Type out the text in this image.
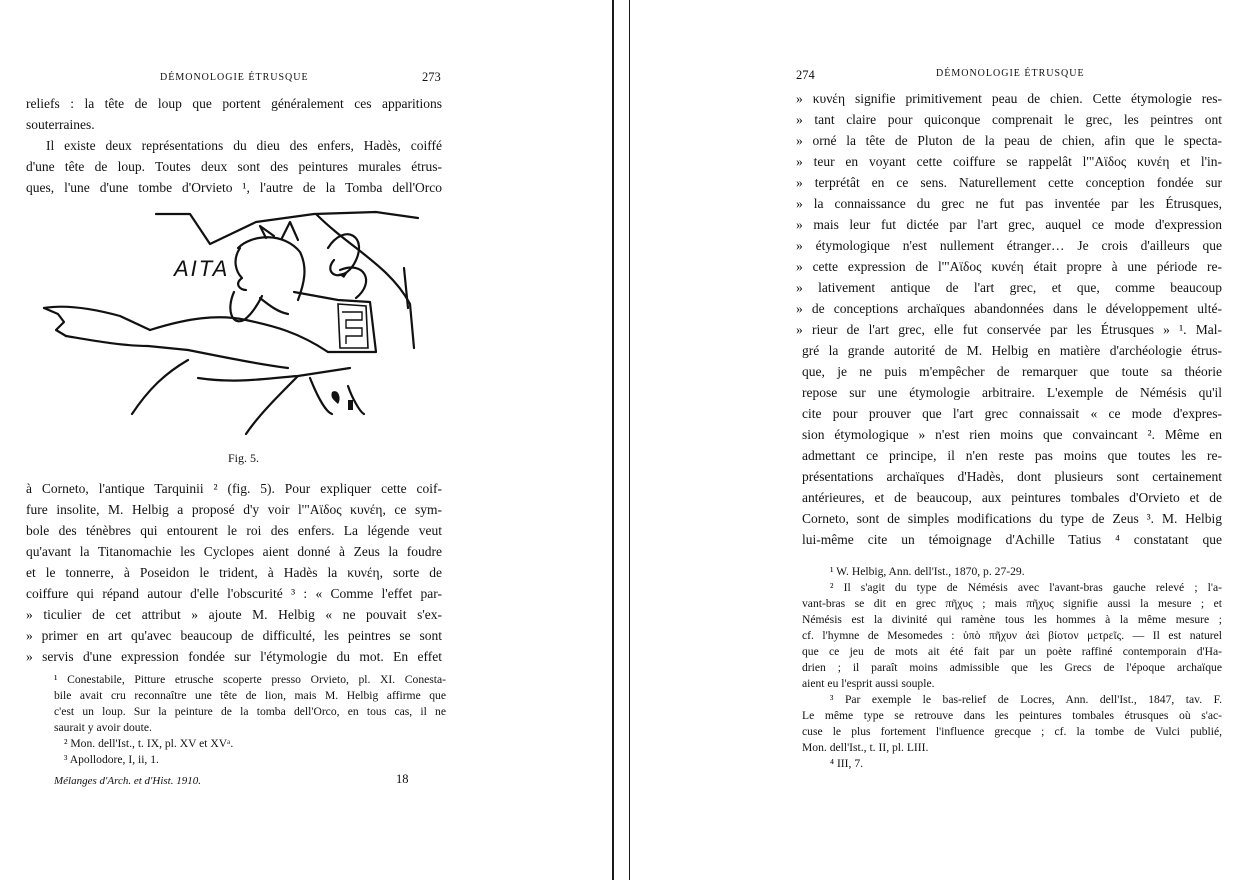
DÉMONOLOGIE ÉTRUSQUE	273
reliefs : la tête de loup que portent généralement ces apparitions
souterraines.
Il existe deux représentations du dieu des enfers, Hadès, coiffé
d'une tête de loup. Toutes deux sont des peintures murales étrus-
ques, l'une d'une tombe d'Orvieto ¹, l'autre de la Tomba dell'Orco
à Corneto, l'antique Tarquinii ² (fig. 5). Pour expliquer cette coif-
fure insolite, M. Helbig a proposé d'y voir l'"Αϊδος κυνέη, ce sym-
bole des ténèbres qui entourent le roi des enfers. La légende veut
qu'avant la Titanomachie les Cyclopes aient donné à Zeus la foudre
et le tonnerre, à Poseidon le trident, à Hadès la κυνέη, sorte de
coiffure qui répand autour d'elle l'obscurité ³ : « Comme l'effet par-
» ticulier de cet attribut » ajoute M. Helbig « ne pouvait s'ex-
» primer en art qu'avec beaucoup de difficulté, les peintres se sont
» servis d'une expression fondée sur l'étymologie du mot. En effet
ΑΙΤΑ
Fig. 5.
¹ Conestabile, Pitture etrusche scoperte presso Orvieto, pl. XI. Conesta-
bile avait cru reconnaître une tête de lion, mais M. Helbig affirme que
c'est un loup. Sur la peinture de la tomba dell'Orco, en tous cas, il ne
saurait y avoir doute.
² Mon. dell'Ist., t. IX, pl. XV et XVᵃ.
³ Apollodore, I, ii, 1.
Mélanges d'Arch. et d'Hist. 1910.	18
274	DÉMONOLOGIE ÉTRUSQUE
» κυνέη signifie primitivement peau de chien. Cette étymologie res-
» tant claire pour quiconque comprenait le grec, les peintres ont
» orné la tête de Pluton de la peau de chien, afin que le specta-
» teur en voyant cette coiffure se rappelât l'"Αϊδος κυνέη et l'in-
» terprétât en ce sens. Naturellement cette conception fondée sur
» la connaissance du grec ne fut pas inventée par les Étrusques,
» mais leur fut dictée par l'art grec, auquel ce mode d'expression
» étymologique n'est nullement étranger… Je crois d'ailleurs que
» cette expression de l'"Αϊδος κυνέη était propre à une période re-
» lativement antique de l'art grec, et que, comme beaucoup
» de conceptions archaïques abandonnées dans le développement ulté-
» rieur de l'art grec, elle fut conservée par les Étrusques » ¹. Mal-
gré la grande autorité de M. Helbig en matière d'archéologie étrus-
que, je ne puis m'empêcher de remarquer que toute sa théorie
repose sur une étymologie arbitraire. L'exemple de Némésis qu'il
cite pour prouver que l'art grec connaissait « ce mode d'expres-
sion étymologique » n'est rien moins que convaincant ². Même en
admettant ce principe, il n'en reste pas moins que toutes les re-
présentations archaïques d'Hadès, dont plusieurs sont certainement
antérieures, et de beaucoup, aux peintures tombales d'Orvieto et de
Corneto, sont de simples modifications du type de Zeus ³. M. Helbig
lui-même cite un témoignage d'Achille Tatius ⁴ constatant que
¹ W. Helbig, Ann. dell'Ist., 1870, p. 27-29.
² Il s'agit du type de Némésis avec l'avant-bras gauche relevé ; l'a-
vant-bras se dit en grec πῆχυς ; mais πῆχυς signifie aussi la mesure ; et
Némésis est la divinité qui ramène tous les hommes à la même mesure ;
cf. l'hymne de Mesomedes : ὑπὸ πῆχυν ἀεὶ βίοτον μετρεῖς. — Il est naturel
que ce jeu de mots ait été fait par un poète raffiné contemporain d'Ha-
drien ; il paraît moins admissible que les Grecs de l'époque archaïque
aient eu l'esprit aussi souple.
³ Par exemple le bas-relief de Locres, Ann. dell'Ist., 1847, tav. F.
Le même type se retrouve dans les peintures tombales étrusques où s'ac-
cuse le plus fortement l'influence grecque ; cf. la tombe de Vulci publié,
Mon. dell'Ist., t. II, pl. LIII.
⁴ III, 7.
